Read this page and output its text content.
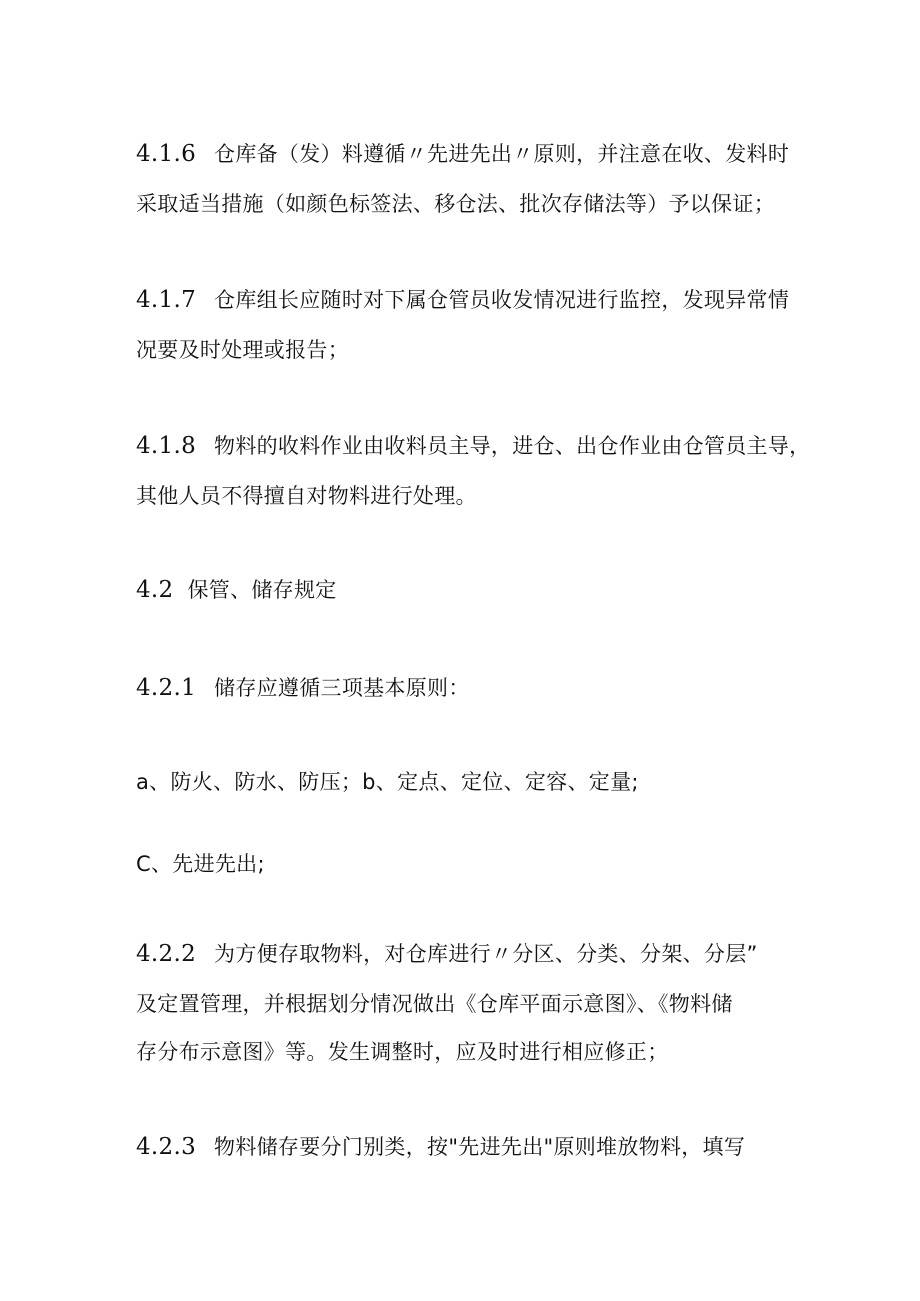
4.1.6 仓库备（发）料遵循〃先进先出〃原则，并注意在收、发料时
采取适当措施（如颜色标签法、移仓法、批次存储法等）予以保证；
4.1.7 仓库组长应随时对下属仓管员收发情况进行监控，发现异常情
况要及时处理或报告；
4.1.8 物料的收料作业由收料员主导，进仓、出仓作业由仓管员主导，
其他人员不得擅自对物料进行处理。
4.2 保管、储存规定
4.2.1 储存应遵循三项基本原则：
a、防火、防水、防压；b、定点、定位、定容、定量;
C、先进先出;
4.2.2 为方便存取物料，对仓库进行〃分区、分类、分架、分层”
及定置管理，并根据划分情况做出《仓库平面示意图》、《物料储
存分布示意图》等。发生调整时，应及时进行相应修正；
4.2.3 物料储存要分门别类，按"先进先出"原则堆放物料，填写
